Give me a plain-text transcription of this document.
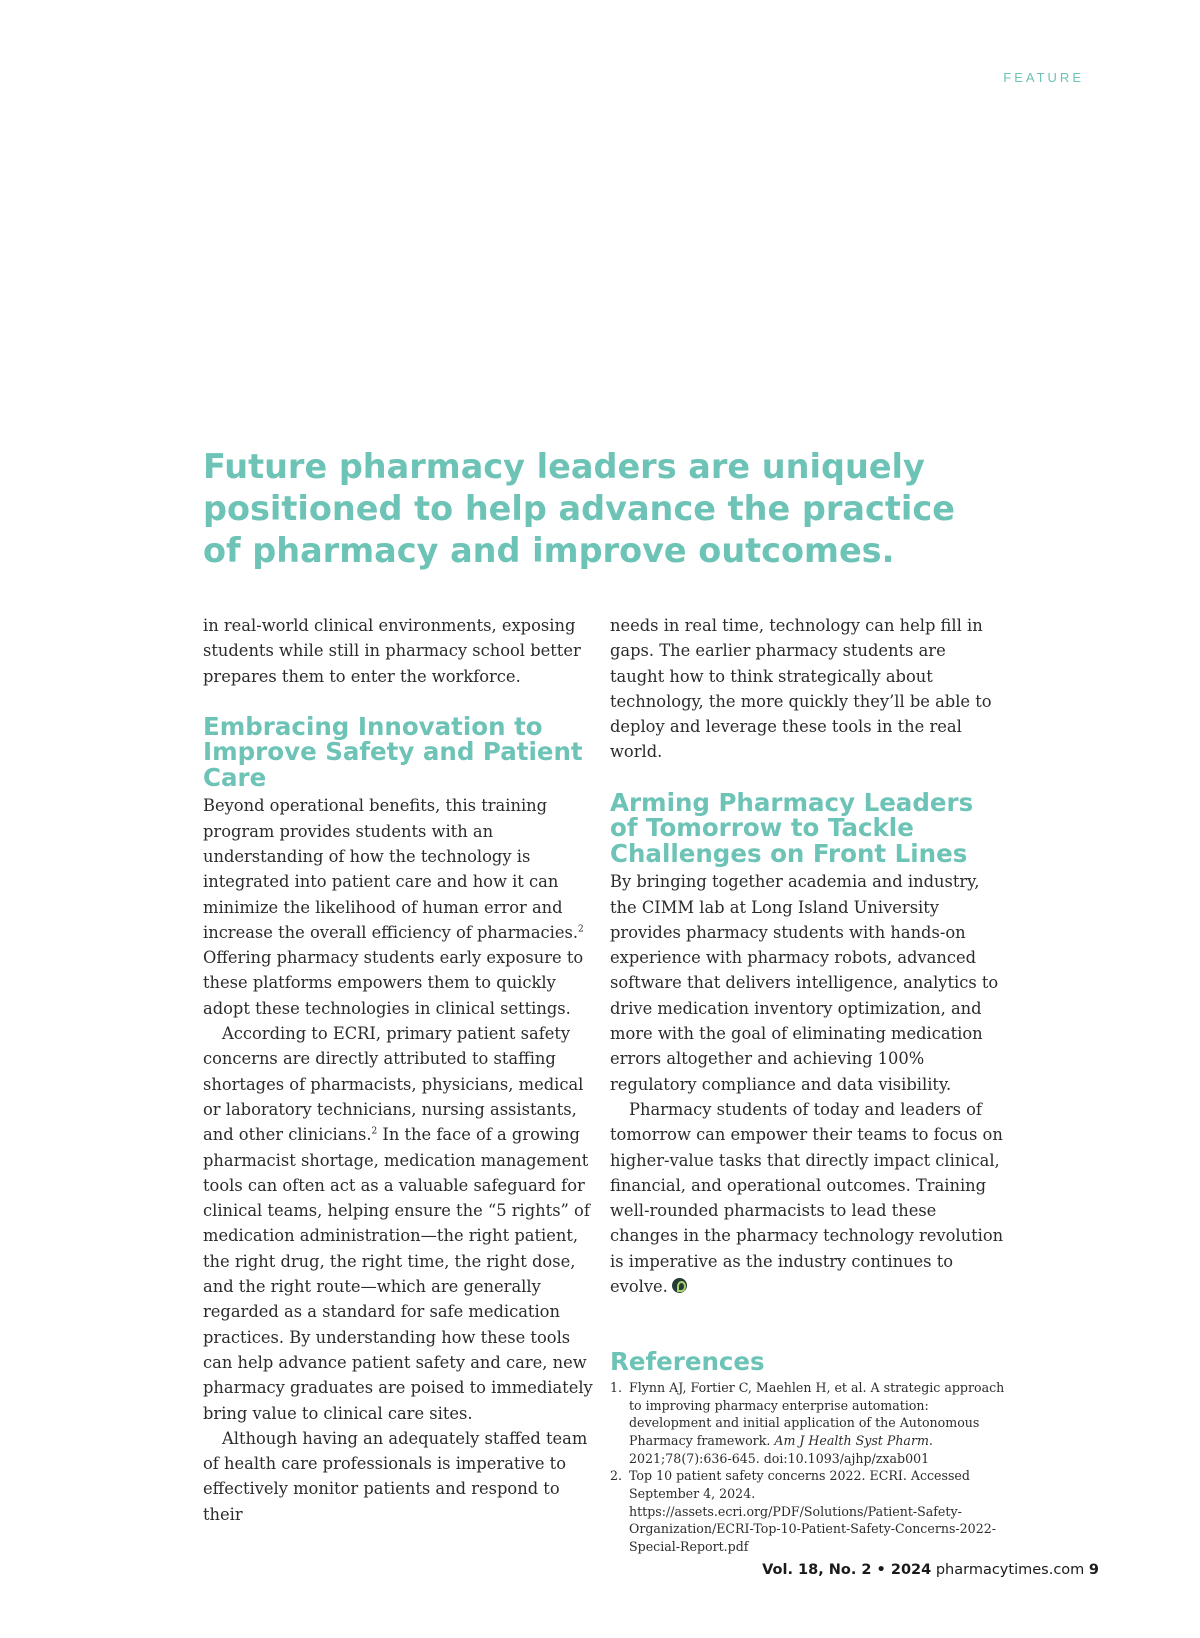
FEATURE
Future pharmacy leaders are uniquely positioned to help advance the practice of pharmacy and improve outcomes.

in real-world clinical environments, exposing students while still in pharmacy school better prepares them to enter the workforce.

Embracing Innovation to Improve Safety and Patient Care

Beyond operational benefits, this training program provides students with an understanding of how the technology is integrated into patient care and how it can minimize the likelihood of human error and increase the overall efficiency of pharmacies.$^2$ Offering pharmacy students early exposure to these platforms empowers them to quickly adopt these technologies in clinical settings.

According to ECRI, primary patient safety concerns are directly attributed to staffing shortages of pharmacists, physicians, medical or laboratory technicians, nursing assistants, and other clinicians.$^2$ In the face of a growing pharmacist shortage, medication management tools can often act as a valuable safeguard for clinical teams, helping ensure the “5 rights” of medication administration—the right patient, the right drug, the right time, the right dose, and the right route—which are generally regarded as a standard for safe medication practices. By understanding how these tools can help advance patient safety and care, new pharmacy graduates are poised to immediately bring value to clinical care sites.

Although having an adequately staffed team of health care professionals is imperative to effectively monitor patients and respond to their

needs in real time, technology can help fill in gaps. The earlier pharmacy students are taught how to think strategically about technology, the more quickly they’ll be able to deploy and leverage these tools in the real world.

Arming Pharmacy Leaders of Tomorrow to Tackle Challenges on Front Lines

By bringing together academia and industry, the CIMM lab at Long Island University provides pharmacy students with hands-on experience with pharmacy robots, advanced software that delivers intelligence, analytics to drive medication inventory optimization, and more with the goal of eliminating medication errors altogether and achieving 100% regulatory compliance and data visibility.

Pharmacy students of today and leaders of tomorrow can empower their teams to focus on higher-value tasks that directly impact clinical, financial, and operational outcomes. Training well-rounded pharmacists to lead these changes in the pharmacy technology revolution is imperative as the industry continues to evolve.

References
1. Flynn AJ, Fortier C, Maehlen H, et al. A strategic approach to improving pharmacy enterprise automation: development and initial application of the Autonomous Pharmacy framework. Am J Health Syst Pharm. 2021;78(7):636-645. doi:10.1093/ajhp/zxab001
2. Top 10 patient safety concerns 2022. ECRI. Accessed September 4, 2024. https://assets.ecri.org/PDF/Solutions/Patient-Safety-Organization/ECRI-Top-10-Patient-Safety-Concerns-2022-Special-Report.pdf
Vol. 18, No. 2 • 2024 pharmacytimes.com 9
